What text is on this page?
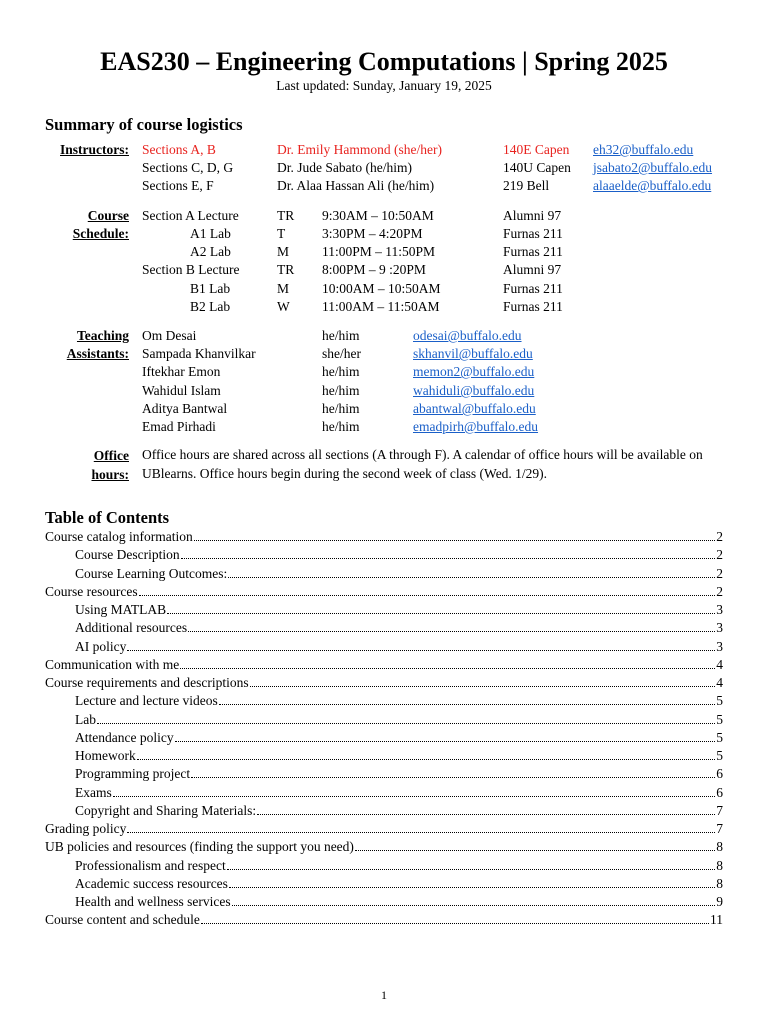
EAS230 – Engineering Computations | Spring 2025
Last updated: Sunday, January 19, 2025
Summary of course logistics
Instructors: Sections A, B	Dr. Emily Hammond (she/her)	140E Capen eh32@buffalo.edu
Sections C, D, G	Dr. Jude Sabato (he/him)	140U Capen jsabato2@buffalo.edu
Sections E, F	Dr. Alaa Hassan Ali (he/him)	219 Bell	alaaelde@buffalo.edu
Course
Schedule:
Section A Lecture	TR 9:30AM – 10:50AM	Alumni 97
A1 Lab	T	3:30PM – 4:20PM	Furnas 211
A2 Lab	M 11:00PM – 11:50PM	Furnas 211
Section B Lecture	TR 8:00PM – 9 :20PM	Alumni 97
B1 Lab	M 10:00AM – 10:50AM	Furnas 211
B2 Lab	W 11:00AM – 11:50AM	Furnas 211
Teaching
Assistants:
Om Desai	he/him	odesai@buffalo.edu
Sampada Khanvilkar	she/her	skhanvil@buffalo.edu
Iftekhar Emon	he/him	memon2@buffalo.edu
Wahidul Islam	he/him	wahiduli@buffalo.edu
Aditya Bantwal	he/him	abantwal@buffalo.edu
Emad Pirhadi	he/him	emadpirh@buffalo.edu
Office
hours:
Office hours are shared across all sections (A through F). A calendar of office hours will be available on UBlearns. Office hours begin during the second week of class (Wed. 1/29).
Table of Contents
Course catalog information	2
Course Description	2
Course Learning Outcomes:	2
Course resources	2
Using MATLAB	3
Additional resources	3
AI policy	3
Communication with me	4
Course requirements and descriptions	4
Lecture and lecture videos	5
Lab	5
Attendance policy	5
Homework	5
Programming project	6
Exams	6
Copyright and Sharing Materials:	7
Grading policy	7
UB policies and resources (finding the support you need)	8
Professionalism and respect	8
Academic success resources	8
Health and wellness services	9
Course content and schedule	11
1
